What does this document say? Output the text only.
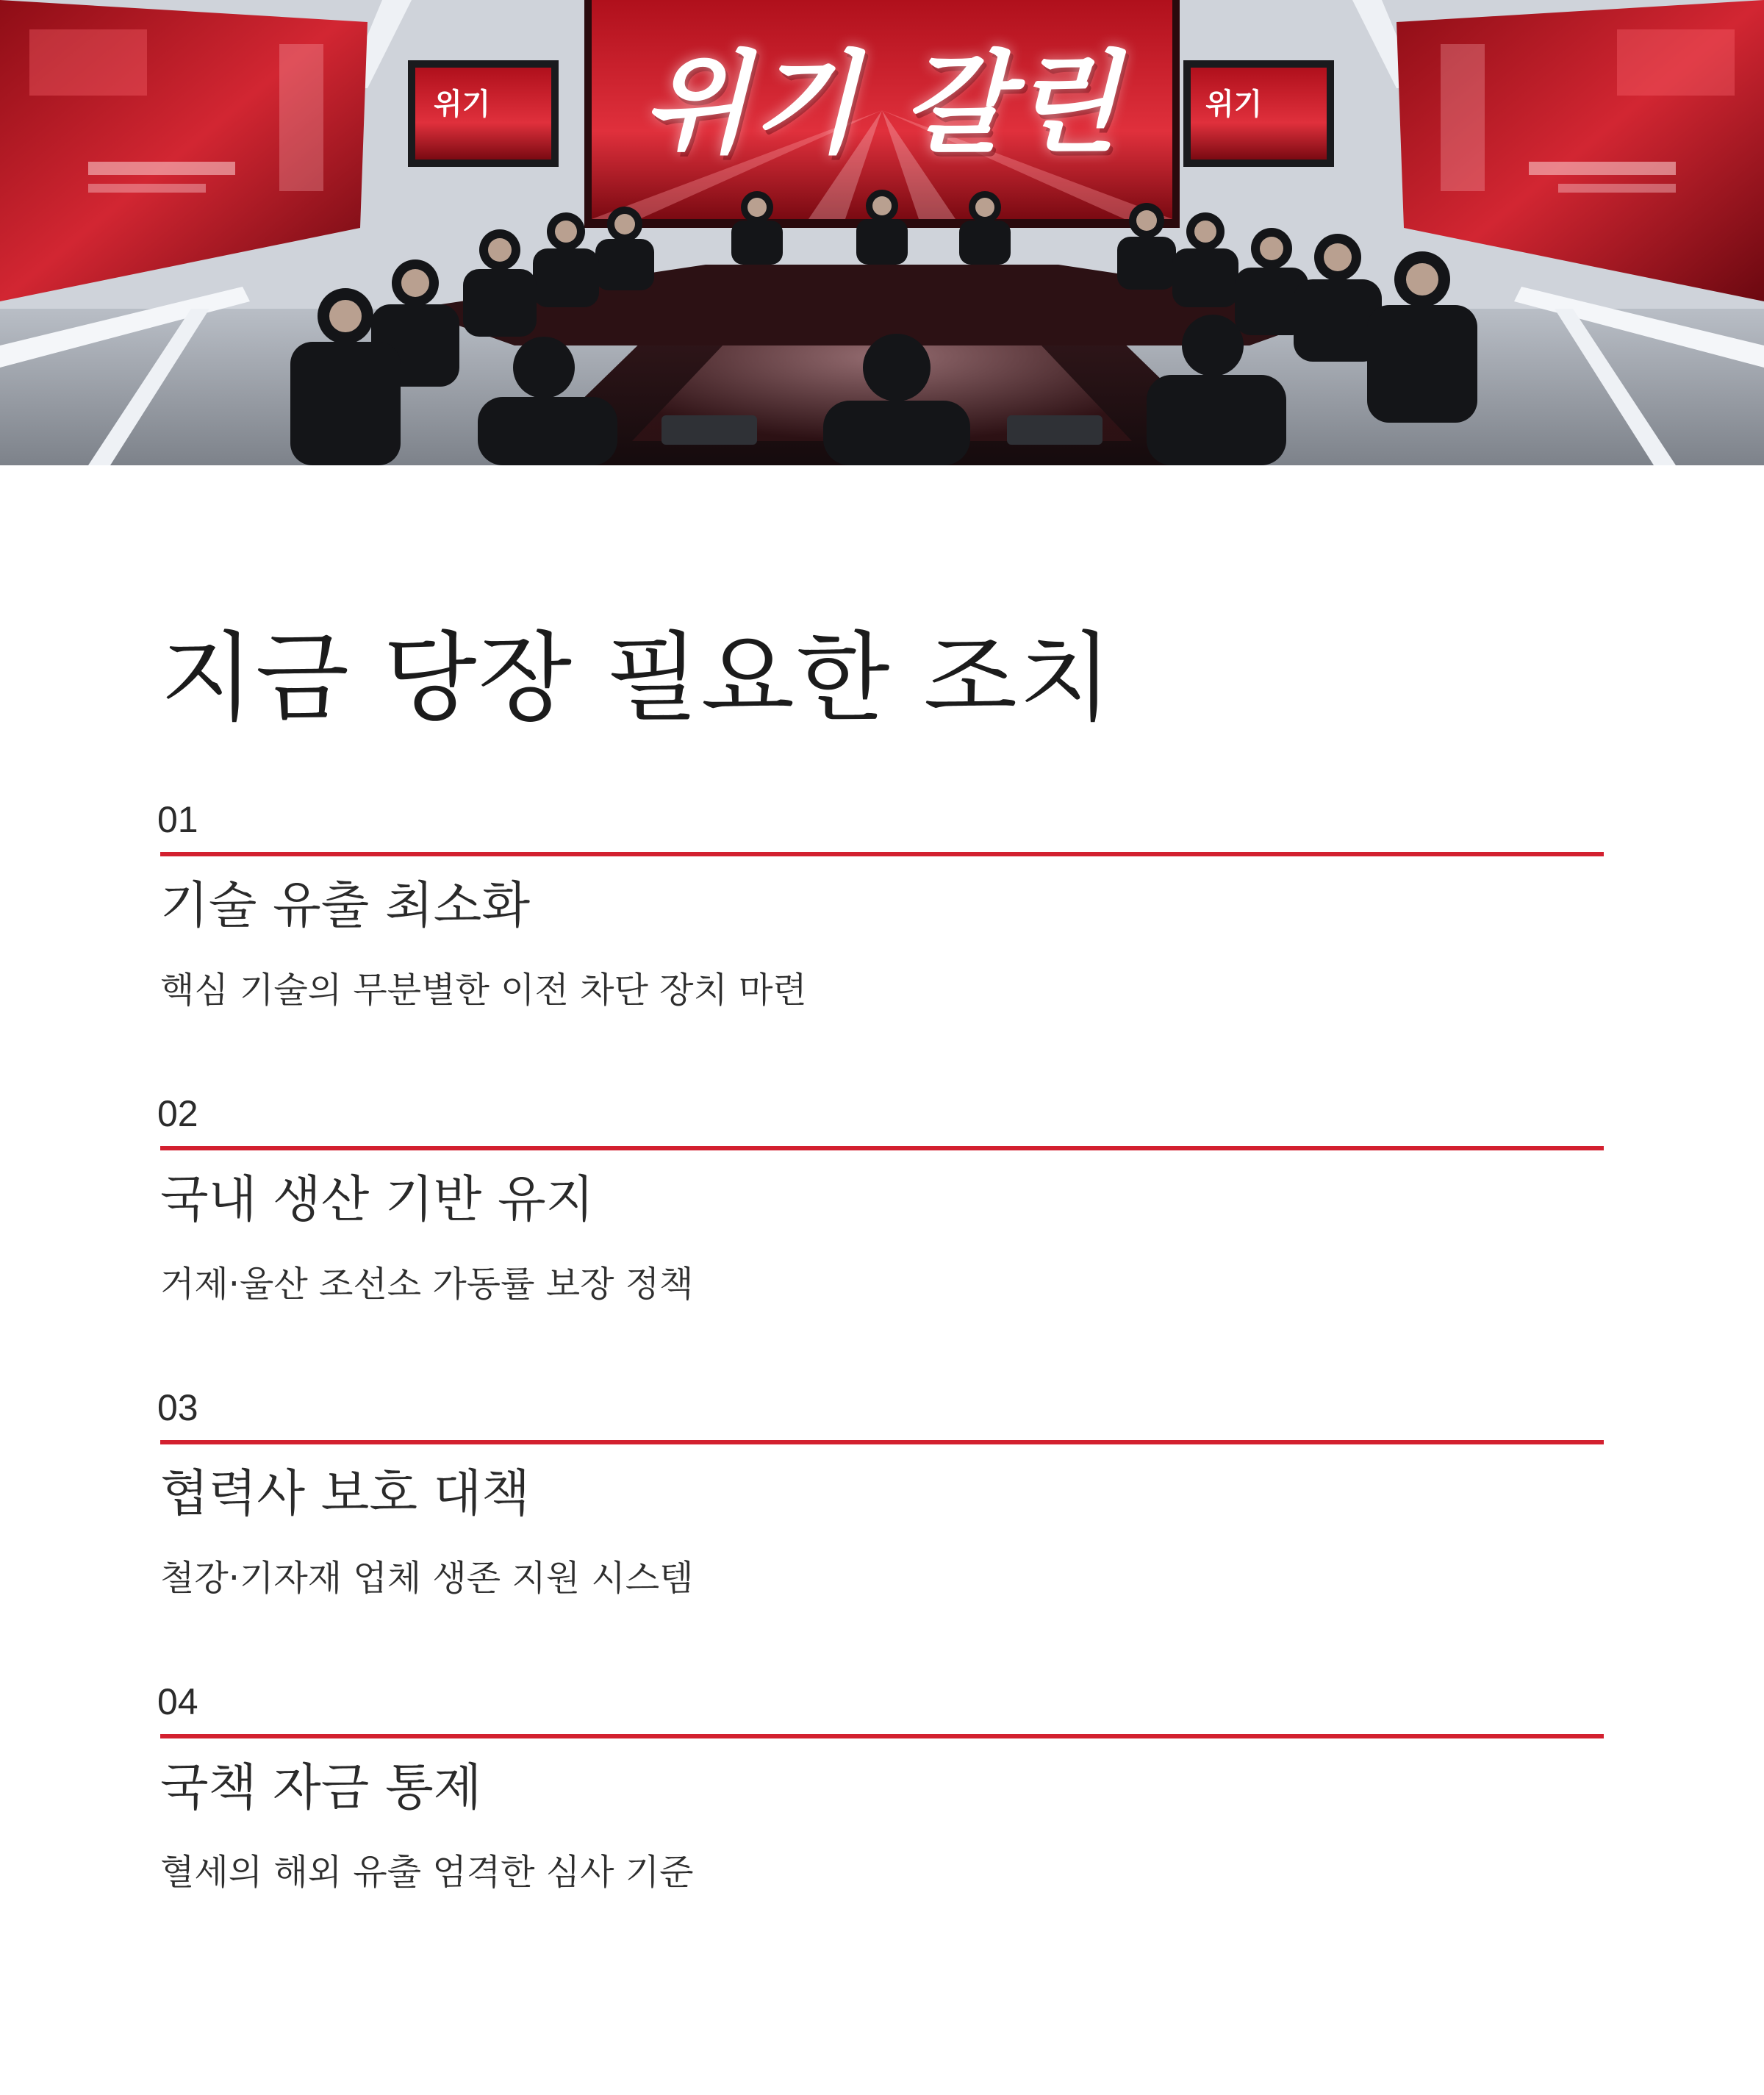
위기 갈린
위기	위기
지금 당장 필요한 조치
01
기술 유출 최소화

핵심 기술의 무분별한 이전 차단 장치 마련

02
국내 생산 기반 유지

거제·울산 조선소 가동률 보장 정책

03
협력사 보호 대책

철강·기자재 업체 생존 지원 시스템

04
국책 자금 통제

혈세의 해외 유출 엄격한 심사 기준
